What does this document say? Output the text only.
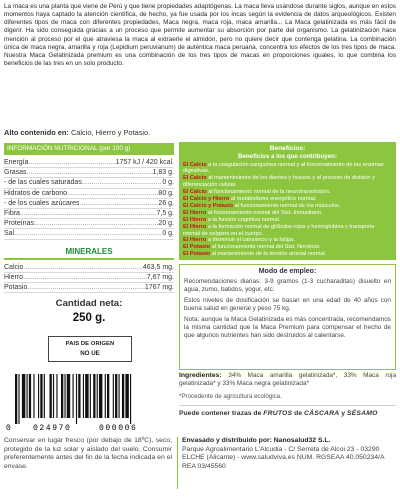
La maca es una planta que viene de Perú y que tiene propiedades adaptógenas. La maca lleva usándose durante siglos, aunque en estos momentos haya captado la atención científica, de hecho, ya fue usada por los incas según la evidencia de datos arqueológicos. Existen diferentes tipos de maca con diferentes propiedades, Maca negra, maca roja, maca amarilla... La Maca gelatinizada es más fácil de digerir. Ha sido conseguida gracias a un proceso que permite aumentar su absorción por parte del organismo. La gelatinización hace mención al proceso por el que atraviesa la maca al extraerle el almidón, pero no quiere decir que contenga gelatina. La combinación única de maca negra, amarilla y roja (Lepidium peruvianum) de auténtica maca peruana, concentra los efectos de los tres tipos de maca. Nuestra Maca Gelatinizada premium es una combinación de los tres tipos de macas en proporciones iguales, lo que combina los beneficios de las tres en un solo producto.

Alto contenido en: Calcio, Hierro y Potasio.
INFORMACIÓN NUTRICIONAL (por 100 g)
Energía .....	1757 kJ / 420 kcal.
Grasas .....	1,83 g.
- de las cuales saturadas .....	0 g.
Hidratos de carbono .....	80 g.
- de los cuales azúcares .....	26 g.
Fibra .....	7,5 g.
Proteínas .....	20 g.
Sal .....	0 g.
MINERALES
Calcio .....	463,5 mg.
Hierro .....	7,67 mg.
Potasio .....	1767 mg.
Cantidad neta:
250 g.
PAIS DE ORIGEN
NO UE
0	024970	000006
Beneficios:
Beneficios a los que contribuyen:
El Calcio a la coagulación sanguínea normal y al funcionamiento de las enzimas digestivas.
El Calcio al mantenimiento de los dientes y huesos y al proceso de división y diferenciación celular.
El Calcio al funcionamiento normal de la neurotransmisión.
El Calcio y Hierro al metabolismo energético normal.
El Calcio y Potasio al funcionamiento normal de los músculos.
El Hierro al funcionamiento normal del Sist. Inmunitario.
El Hierro a la función cognitiva normal.
El Hierro a la formación normal de glóbulos rojos y hemoglobina y transporte normal de oxígeno en el cuerpo.
El Hierro a disminuir el cansancio y la fatiga.
El Potasio al funcionamiento normal del Sist. Nervioso.
El Potasio al mantenimiento de la tensión arterial normal.
Modo de empleo:

Recomendaciones diarias: 3-9 gramos (1-3 cucharaditas) disuelto en agua, zumo, batidos, yogur, etc.

Estos niveles de dosificación se basan en una edad de 40 años con buena salud en general y peso 75 kg.

Nota: aunque la Maca Gelatinizada es más concentrada, recomendamos la misma cantidad que la Maca Premium para compensar el hecho de que algunos nutrientes han sido destruidos al calentarse.

Ingredientes: 34% Maca amarilla gelatinizada*, 33% Maca roja gelatinizada* y 33% Maca negra gelatinizada*
*Procedente de agricultura ecológica.
Puede contener trazas de FRUTOS de CÁSCARA y SÉSAMO
Conservar en lugar fresco (por debajo de 18ºC), seco, protegido de la luz solar y aislado del suelo. Consumir preferentemente antes del fin de la fecha indicada en el envase.
Envasado y distribuido por: Nanosalud32 S.L.
Parque Agroalimentario L'Alcudia - C/ Serreta de Alcoi 23 - 03290 ELCHE (Alicante) - www.saludviva.es NUM. RGSEAA 40.050234/A REA 03/45560
